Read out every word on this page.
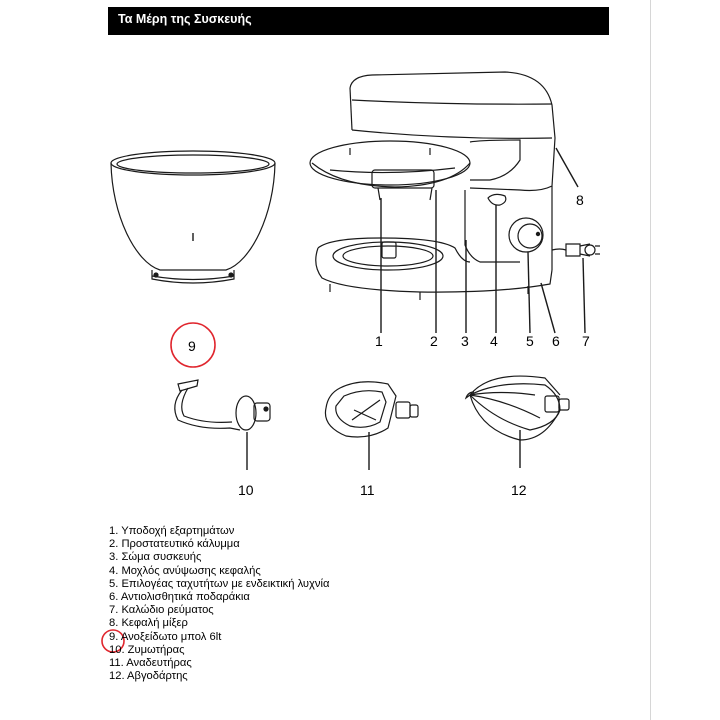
Τα Μέρη της Συσκευής
1	2 3 4 5 6 7
8
9
10	11	12
1. Υποδοχή εξαρτημάτων
2. Προστατευτικό κάλυμμα
3. Σώμα συσκευής
4. Μοχλός ανύψωσης κεφαλής
5. Επιλογέας ταχυτήτων με ενδεικτική λυχνία
6. Αντιολισθητικά ποδαράκια
7. Καλώδιο ρεύματος
8. Κεφαλή μίξερ
9. Ανοξείδωτο μπολ 6lt
10. Ζυμωτήρας
11. Αναδευτήρας
12. Αβγοδάρτης
